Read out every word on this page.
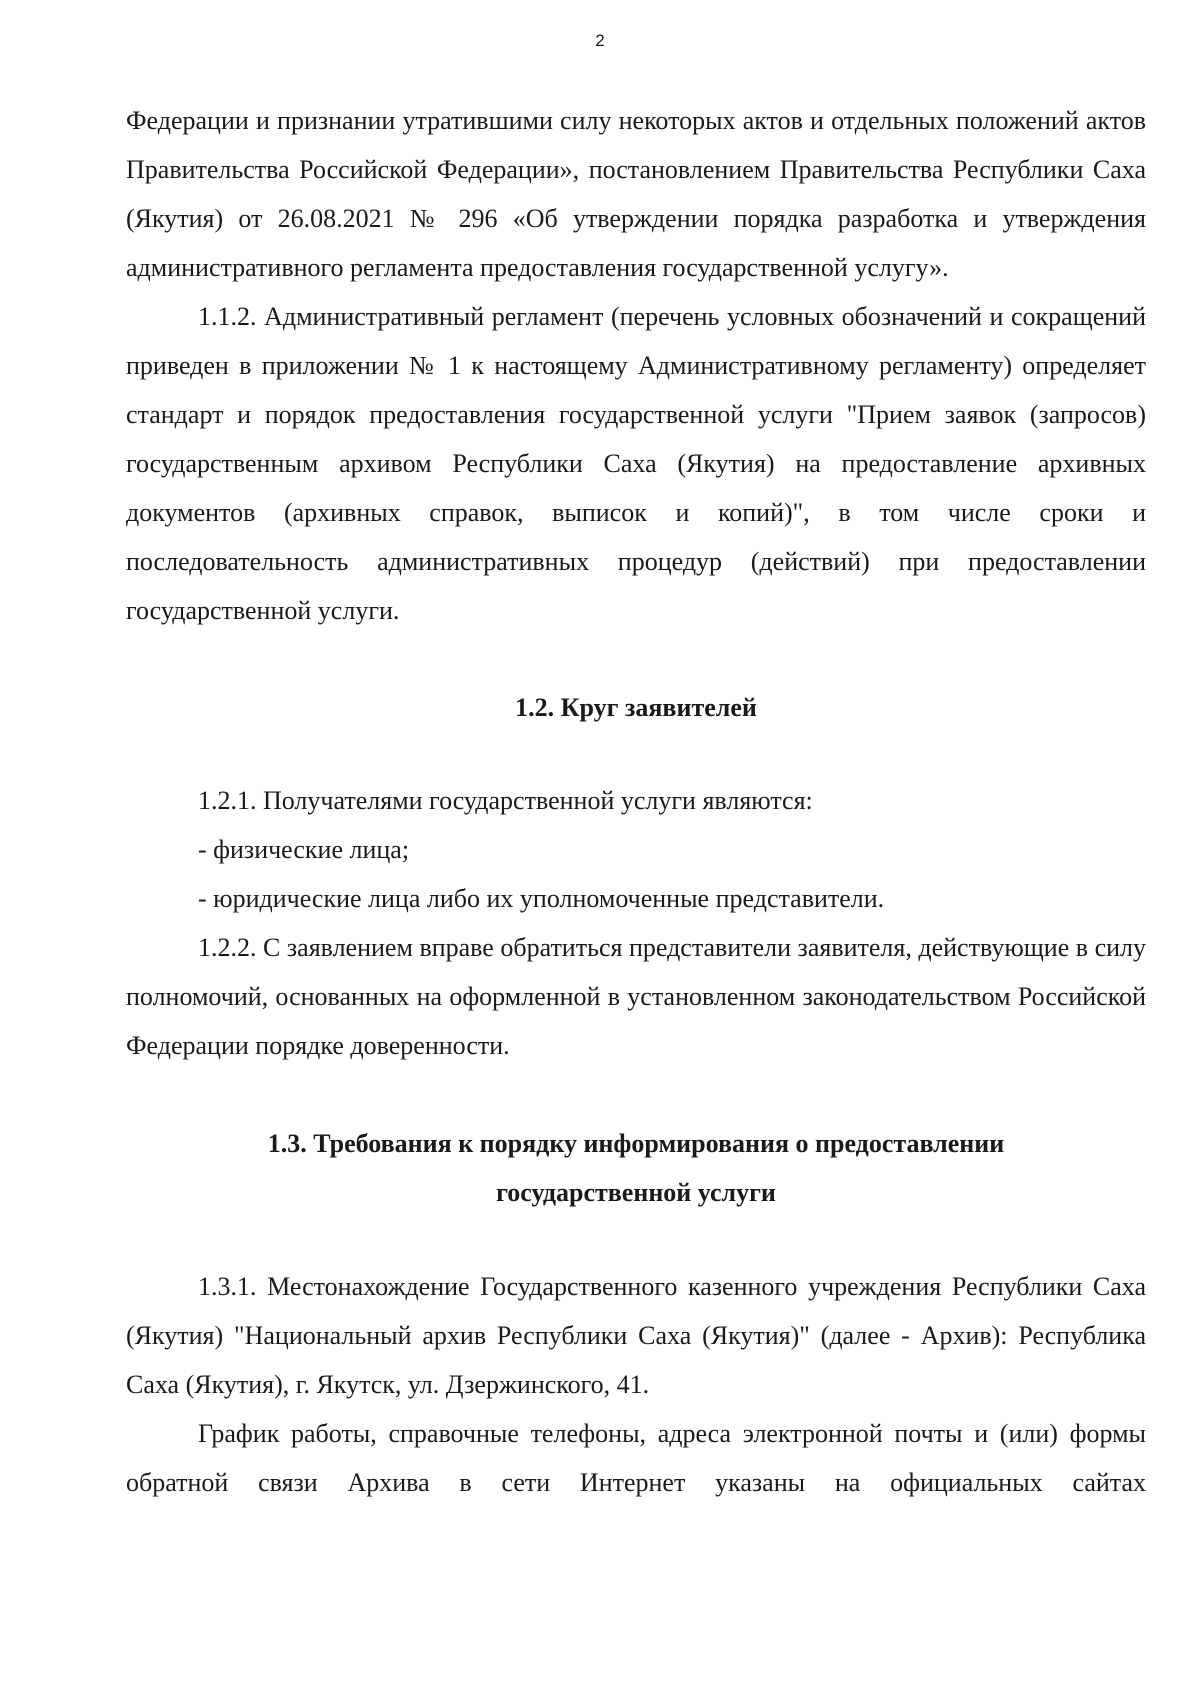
2

Федерации и признании утратившими силу некоторых актов и отдельных положений актов Правительства Российской Федерации», постановлением Правительства Республики Саха (Якутия) от 26.08.2021 № 296 «Об утверждении порядка разработка и утверждения административного регламента предоставления государственной услугу».

1.1.2. Административный регламент (перечень условных обозначений и сокращений приведен в приложении № 1 к настоящему Административному регламенту) определяет стандарт и порядок предоставления государственной услуги "Прием заявок (запросов) государственным архивом Республики Саха (Якутия) на предоставление архивных документов (архивных справок, выписок и копий)", в том числе сроки и последовательность административных процедур (действий) при предоставлении государственной услуги.

1.2. Круг заявителей

1.2.1. Получателями государственной услуги являются:

- физические лица;

- юридические лица либо их уполномоченные представители.

1.2.2. С заявлением вправе обратиться представители заявителя, действующие в силу полномочий, основанных на оформленной в установленном законодательством Российской Федерации порядке доверенности.

1.3. Требования к порядку информирования о предоставлении
государственной услуги

1.3.1. Местонахождение Государственного казенного учреждения Республики Саха (Якутия) "Национальный архив Республики Саха (Якутия)" (далее - Архив): Республика Саха (Якутия), г. Якутск, ул. Дзержинского, 41.

График работы, справочные телефоны, адреса электронной почты и (или) формы обратной связи Архива в сети Интернет указаны на официальных сайтах
